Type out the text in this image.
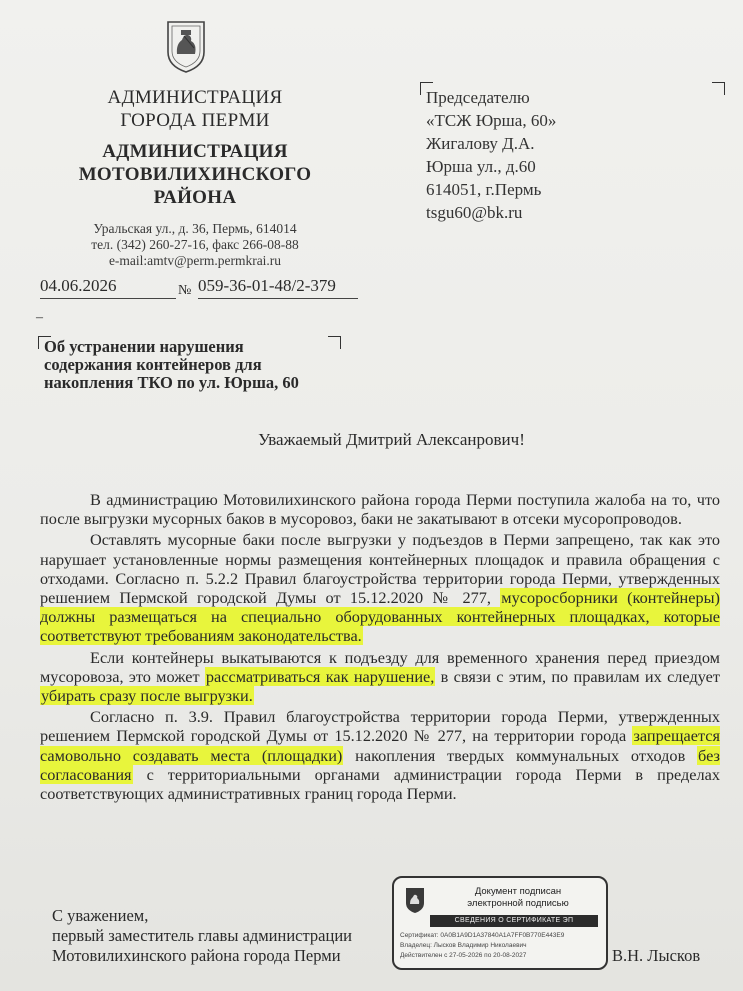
АДМИНИСТРАЦИЯ
ГОРОДА ПЕРМИ
АДМИНИСТРАЦИЯ
МОТОВИЛИХИНСКОГО
РАЙОНА
Уральская ул., д. 36, Пермь, 614014
тел. (342) 260-27-16, факс 266-08-88
e-mail:amtv@perm.permkrai.ru
Председателю
«ТСЖ Юрша, 60»
Жигалову Д.А.
Юрша ул., д.60
614051, г.Пермь
tsgu60@bk.ru
04.06.2026	№ 059-36-01-48/2-379
–
Об устранении нарушения содержания контейнеров для накопления ТКО по ул. Юрша, 60
Уважаемый Дмитрий Алексанрович!

В администрацию Мотовилихинского района города Перми поступила жалоба на то, что после выгрузки мусорных баков в мусоровоз, баки не закатывают в отсеки мусоропроводов.

Оставлять мусорные баки после выгрузки у подъездов в Перми запрещено, так как это нарушает установленные нормы размещения контейнерных площадок и правила обращения с отходами. Согласно п. 5.2.2 Правил благоустройства территории города Перми, утвержденных решением Пермской городской Думы от 15.12.2020 № 277, мусоросборники (контейнеры) должны размещаться на специально оборудованных контейнерных площадках, которые соответствуют требованиям законодательства.

Если контейнеры выкатываются к подъезду для временного хранения перед приездом мусоровоза, это может рассматриваться как нарушение, в связи с этим, по правилам их следует убирать сразу после выгрузки.

Согласно п. 3.9. Правил благоустройства территории города Перми, утвержденных решением Пермской городской Думы от 15.12.2020 № 277, на территории города запрещается самовольно создавать места (площадки) накопления твердых коммунальных отходов без согласования с территориальными органами администрации города Перми в пределах соответствующих административных границ города Перми.

С уважением,
первый заместитель главы администрации
Мотовилихинского района города Перми
Документ подписан
электронной подписью
СВЕДЕНИЯ О СЕРТИФИКАТЕ ЭП
Сертификат: 0A0B1A9D1A37840A1A7FF0B770E443E9
Владелец: Лысков Владимир Николаевич
Действителен с 27-05-2026 по 20-08-2027	В.Н. Лысков
